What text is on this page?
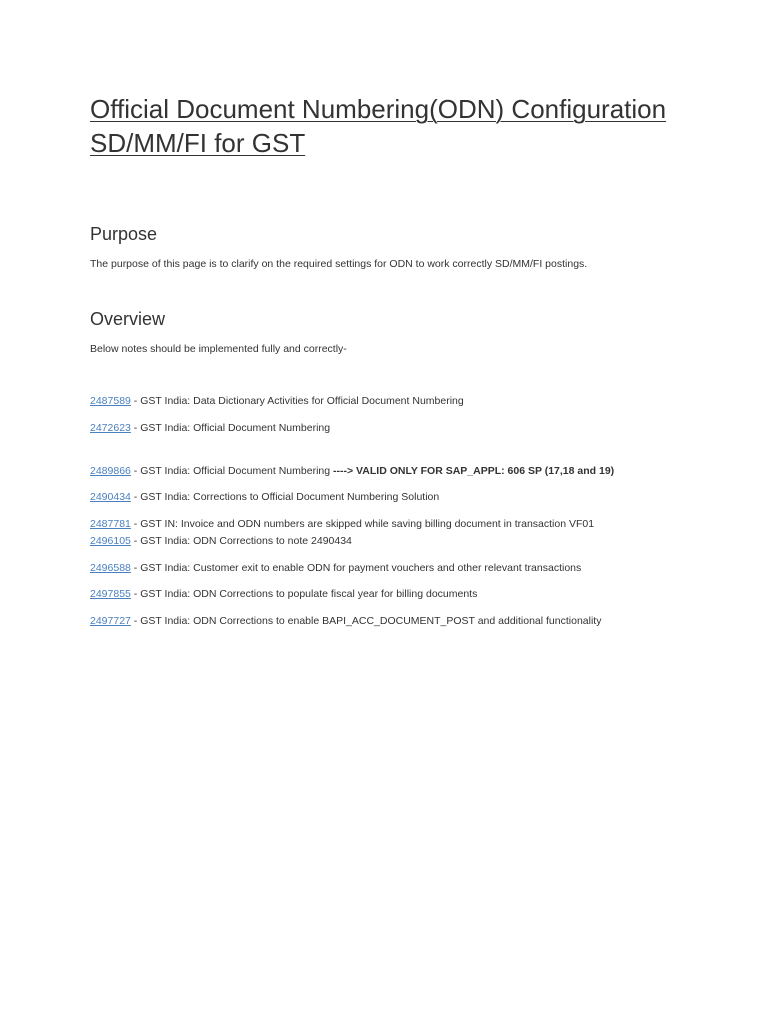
Official Document Numbering(ODN) Configuration SD/MM/FI for GST
Purpose

The purpose of this page is to clarify on the required settings for ODN to work correctly SD/MM/FI postings.

Overview

Below notes should be implemented fully and correctly-

2487589 - GST India: Data Dictionary Activities for Official Document Numbering

2472623 - GST India: Official Document Numbering

2489866 - GST India: Official Document Numbering ----> VALID ONLY FOR SAP_APPL: 606 SP (17,18 and 19)

2490434 - GST India: Corrections to Official Document Numbering Solution

2487781 - GST IN: Invoice and ODN numbers are skipped while saving billing document in transaction VF01

2496105 - GST India: ODN Corrections to note 2490434

2496588 - GST India: Customer exit to enable ODN for payment vouchers and other relevant transactions

2497855 - GST India: ODN Corrections to populate fiscal year for billing documents

2497727 - GST India: ODN Corrections to enable BAPI_ACC_DOCUMENT_POST and additional functionality
